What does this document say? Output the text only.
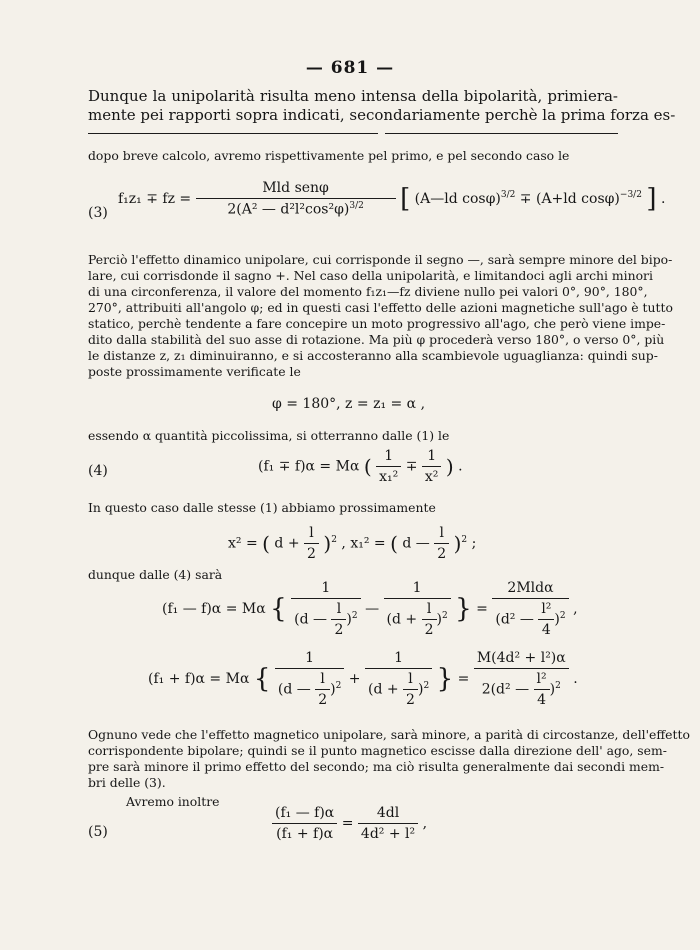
— 681 —
Dunque la unipolarità risulta meno intensa della bipolarità, primiera-
mente pei rapporti sopra indicati, secondariamente perchè la prima forza es-
dopo breve calcolo, avremo rispettivamente pel primo, e pel secondo caso le
(3)
f₁z₁ ∓ fz = $\frac{\text{Mld senφ}}{2(A^2 — d^2l^2\cos^2\varphi)^{3/2}}$ [ (A—ld cosφ)$^{3/2}$ ∓ (A+ld cosφ)$^{-3/2}$ ] .
Perciò l'effetto dinamico unipolare, cui corrisponde il segno —, sarà sempre minore del bipo-
lare, cui corrisdonde il sagno +. Nel caso della unipolarità, e limitandoci agli archi minori
di una circonferenza, il valore del momento f₁z₁—fz diviene nullo pei valori 0°, 90°, 180°,
270°, attribuiti all'angolo φ; ed in questi casi l'effetto delle azioni magnetiche sull'ago è tutto
statico, perchè tendente a fare concepire un moto progressivo all'ago, che però viene impe-
dito dalla stabilità del suo asse di rotazione. Ma più φ procederà verso 180°, o verso 0°, più
le distanze z, z₁ diminuiranno, e si accosteranno alla scambievole uguaglianza: quindi sup-
poste prossimamente verificate le
φ = 180°, z = z₁ = α ,
essendo α quantità piccolissima, si otterranno dalle (1) le
(4)	(f₁ ∓ f)α = Mα ( $\frac{1}{\text{x₁²}} \mp \frac{1}{\text{x²}}$ ) .
In questo caso dalle stesse (1) abbiamo prossimamente
x² = ( $d + \frac{l}{2} )^2$ , x₁² = ( d — $\frac{l}{2} )^2$ ;
dunque dalle (4) sarà
(f₁ — f)α = Mα { $\frac{1}{(d — \frac{l}{2} )^2}$ — $\frac{1}{(d + \frac{l}{2} )^2}$ } = $\frac{\text{2Mldα}}{(d^2 — \frac{\text{l²}}{4} )^2}$ ,
(f₁ + f)α = Mα { $\frac{1}{(d — \frac{l}{2} )^2} + \frac{1}{(d + \frac{l}{2} )^2}$ } = $\frac{\text{M(4d² + l²)α}}{2(d^2 — \frac{\text{l²}}{4} )^2}$ .
Ognuno vede che l'effetto magnetico unipolare, sarà minore, a parità di circostanze, dell'effetto
corrispondente bipolare; quindi se il punto magnetico escisse dalla direzione dell' ago, sem-
pre sarà minore il primo effetto del secondo; ma ciò risulta generalmente dai secondi mem-
bri delle (3).
Avremo inoltre
(5)	$\frac{\text{(f₁ — f)α}}{\text{(f₁ + f)α}} = \frac{4dl}{\text{4d² + l²}}$ ,
